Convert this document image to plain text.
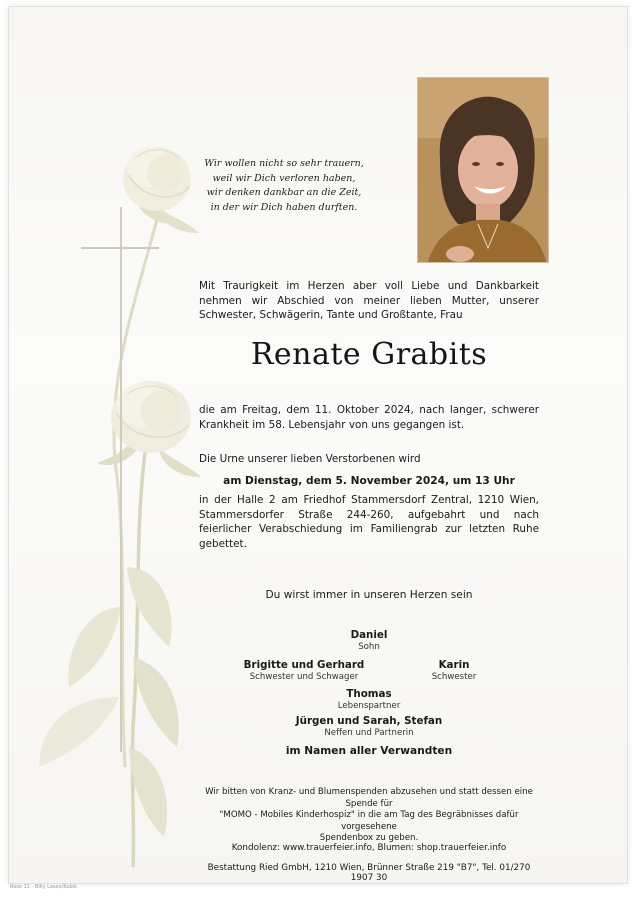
Wir wollen nicht so sehr trauern,
weil wir Dich verloren haben,
wir denken dankbar an die Zeit,
in der wir Dich haben durften.
Mit Traurigkeit im Herzen aber voll Liebe und Dankbarkeit nehmen wir Abschied von meiner lieben Mutter, unserer Schwester, Schwägerin, Tante und Großtante, Frau
Renate Grabits
die am Freitag, dem 11. Oktober 2024, nach langer, schwerer Krankheit im 58. Lebensjahr von uns gegangen ist.
Die Urne unserer lieben Verstorbenen wird
am Dienstag, dem 5. November 2024, um 13 Uhr
in der Halle 2 am Friedhof Stammersdorf Zentral, 1210 Wien, Stammersdorfer Straße 244-260, aufgebahrt und nach feierlicher Verabschiedung im Familiengrab zur letzten Ruhe gebettet.
Du wirst immer in unseren Herzen sein
Daniel
Sohn
Brigitte und Gerhard
Schwester und Schwager
Karin
Schwester
Thomas
Lebenspartner
Jürgen und Sarah, Stefan
Neffen und Partnerin
im Namen aller Verwandten
Wir bitten von Kranz- und Blumenspenden abzusehen und statt dessen eine Spende für
"MOMO - Mobiles Kinderhospiz" in die am Tag des Begräbnisses dafür vorgesehene
Spendenbox zu geben.
Kondolenz: www.trauerfeier.info, Blumen: shop.trauerfeier.info
Bestattung Ried GmbH, 1210 Wien, Brünner Straße 219 "B7", Tel. 01/270 1907 30
Rose 11 - Billy Laseo/Kubik
